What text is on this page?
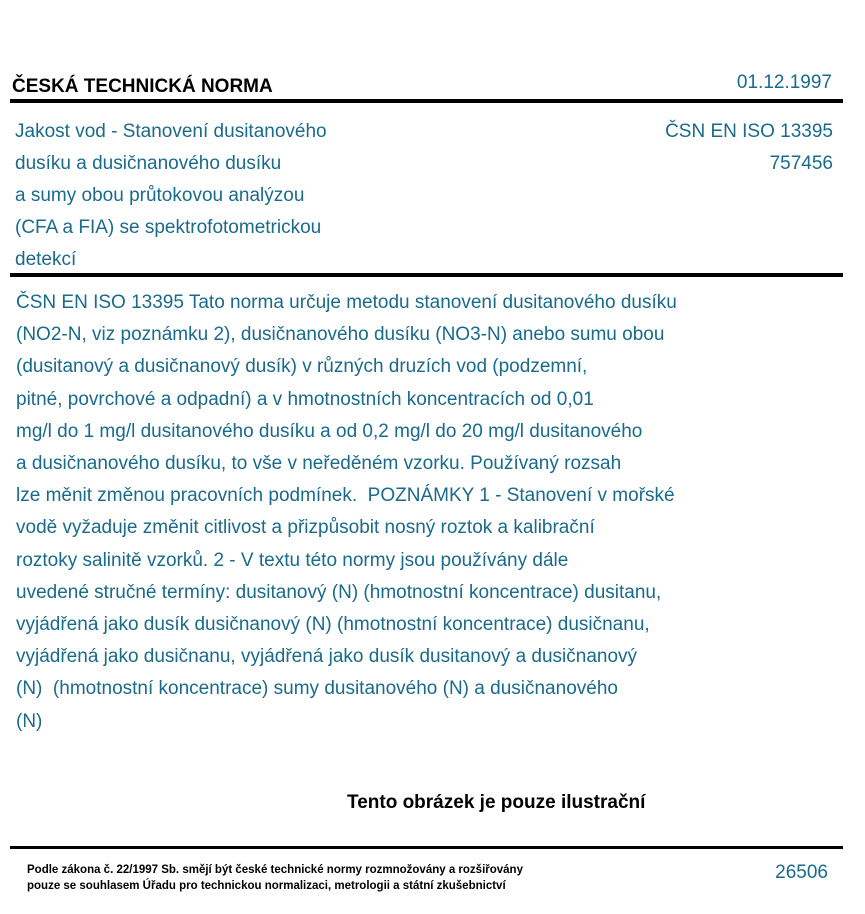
ČESKÁ TECHNICKÁ NORMA	01.12.1997
Jakost vod - Stanovení dusitanového
dusíku a dusičnanového dusíku
a sumy obou průtokovou analýzou
(CFA a FIA) se spektrofotometrickou
detekcí
ČSN EN ISO 13395
757456
ČSN EN ISO 13395 Tato norma určuje metodu stanovení dusitanového dusíku
(NO2-N, viz poznámku 2), dusičnanového dusíku (NO3-N) anebo sumu obou
(dusitanový a dusičnanový dusík) v různých druzích vod (podzemní,
pitné, povrchové a odpadní) a v hmotnostních koncentracích od 0,01
mg/l do 1 mg/l dusitanového dusíku a od 0,2 mg/l do 20 mg/l dusitanového
a dusičnanového dusíku, to vše v neředěném vzorku. Používaný rozsah
lze měnit změnou pracovních podmínek.  POZNÁMKY 1 - Stanovení v mořské
vodě vyžaduje změnit citlivost a přizpůsobit nosný roztok a kalibrační
roztoky salinitě vzorků. 2 - V textu této normy jsou používány dále
uvedené stručné termíny: dusitanový (N) (hmotnostní koncentrace) dusitanu,
vyjádřená jako dusík dusičnanový (N) (hmotnostní koncentrace) dusičnanu,
vyjádřená jako dusičnanu, vyjádřená jako dusík dusitanový a dusičnanový
(N)  (hmotnostní koncentrace) sumy dusitanového (N) a dusičnanového
(N)
Tento obrázek je pouze ilustrační
Podle zákona č. 22/1997 Sb. smějí být české technické normy rozmnožovány a rozšiřovány
pouze se souhlasem Úřadu pro technickou normalizaci, metrologii a státní zkušebnictví
26506
